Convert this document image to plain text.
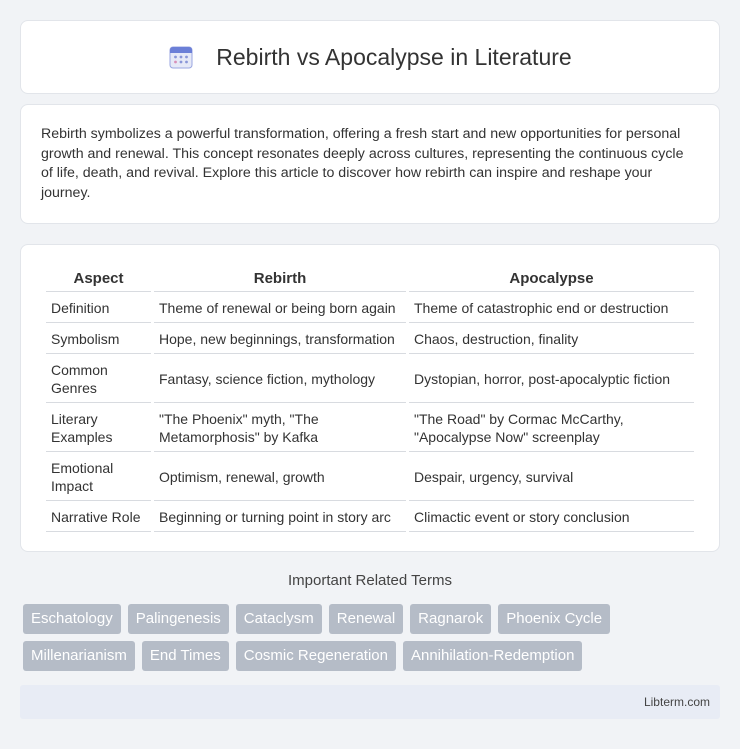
Rebirth vs Apocalypse in Literature

Rebirth symbolizes a powerful transformation, offering a fresh start and new opportunities for personal growth and renewal. This concept resonates deeply across cultures, representing the continuous cycle of life, death, and revival. Explore this article to discover how rebirth can inspire and reshape your journey.

Aspect	Rebirth	Apocalypse
Definition	Theme of renewal or being born again	Theme of catastrophic end or destruction
Symbolism	Hope, new beginnings, transformation	Chaos, destruction, finality
Common Genres	Fantasy, science fiction, mythology	Dystopian, horror, post-apocalyptic fiction
Literary Examples	"The Phoenix" myth, "The Metamorphosis" by Kafka	"The Road" by Cormac McCarthy, "Apocalypse Now" screenplay
Emotional Impact	Optimism, renewal, growth	Despair, urgency, survival
Narrative Role	Beginning or turning point in story arc	Climactic event or story conclusion
Important Related Terms
Eschatology	Palingenesis	Cataclysm	Renewal	Ragnarok	Phoenix Cycle
Millenarianism	End Times	Cosmic Regeneration	Annihilation-Redemption
Libterm.com
